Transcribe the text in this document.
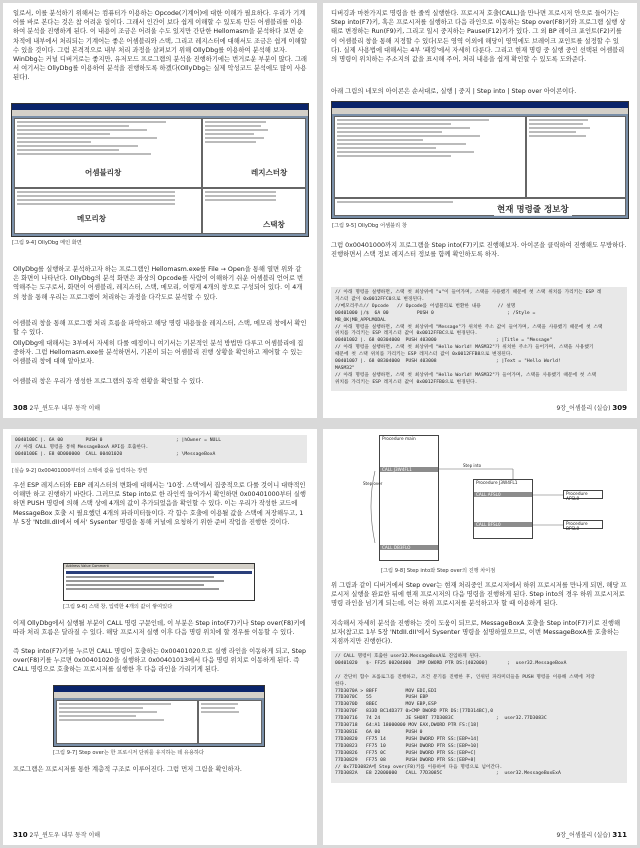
일로서, 이를 분석하기 위해서는 컴퓨터가 이용하는 Opcode(기계어)에 대한 이해가 필요하다. 우리가 기계어를 바로 본다는 것은 참 어려운 일이다. 그래서 인간이 보다 쉽게 이해할 수 있도록 만든 어셈블리를 이용하여 분석을 진행하게 된다. 이 내용이 조금은 어려울 수도 있지만 간단한 Hellomasm을 분석하다 보면 순차적에 내부에서 처리되는 기계어는 좋은 어셈블리와 스택, 그리고 레지스터에 대해서도 조금은 쉽게 이해할 수 있을 것이다. 그럼 본격적으로 내부 처리 과정을 살펴보기 위해 OllyDbg를 이용하여 분석해 보자. WinDbg는 커널 디버거로는 좋지만, 유저모드 프로그램의 분석을 진행하기에는 번거로운 부분이 많다. 그래서 여기서는 OllyDbg를 이용하여 분석을 진행하도록 하겠다(OllyDbg는 실제 악성코드 분석에도 많이 사용된다).

어셈블리창	레지스터창
메모리창
스택창
[그림 9-4] OllyDbg 메인 화면

OllyDbg를 실행하고 분석하고자 하는 프로그램인 Hellomasm.exe를 File → Open을 통해 열면 위와 같은 화면이 나타난다. OllyDbg의 분석 화면은 좌상의 Opcode를 사람이 이해하기 쉬운 어셈블리 언어로 번역해주는 도구로서, 화면이 어셈블리, 레지스터, 스택, 메모리, 이렇게 4개의 창으로 구성되어 있다. 이 4개의 창을 통해 우리는 프로그램이 처리하는 과정을 다각도로 분석할 수 있다.

어셈블리 창을 통해 프로그램 처리 흐름을 파악하고 해당 명령 내용들을 레지스터, 스택, 메모리 창에서 확인할 수 있다.

OllyDbg에 대해서는 3부에서 자세히 다룰 예정이니 여기서는 기본적인 분석 방법만 다루고 어셈블리에 집중하자. 그럼 Hellomasm.exe를 분석하면서, 기본이 되는 어셈블리 진행 상황을 확인하고 제어할 수 있는 어셈블리 창에 대해 알아보자.

어셈블리 창은 우리가 생성한 프로그램의 동작 현황을 확인할 수 있다.

308 2부_윈도우 내부 동작 이해

디버깅과 마찬가지로 명령을 한 줄씩 실행한다. 프로시저 호출(CALL)을 만나면 프로시저 안으로 들어가는 Step into(F7)키, 혹은 프로시저를 실행하고 다음 라인으로 이동하는 Step over(F8)키와 프로그램 실행 상태로 변경하는 Run(F9)키, 그리고 일시 중지하는 Pause(F12)키가 있다. 그 외 BP 레이크 포인트(F2)키를 이 어셈블리 창을 통해 지정할 수 있다(모든 영역 이외에 해당이 영역에도 브레이크 포인트를 설정할 수 있다). 실제 사용법에 대해서는 4부 '패킹'에서 자세히 다룬다. 그리고 현재 명령 중 실행 중인 선택된 어셈블리의 명령이 위치하는 주소지의 값을 표시해 주어, 처리 내용을 쉽게 확인할 수 있도록 도와준다.

아래 그림의 네모의 아이콘은 순서대로, 실행 | 중지 | Step into | Step over 아이콘이다.

현재 명령줄 정보창
[그림 9-5] OllyDbg 어셈블리 창

그럼 0x00401000까지 프로그램을 Step into(F7)키로 진행해보자. 아이콘을 클릭하여 진행해도 무방하다. 진행하면서 스택 정보 레지스터 정보를 함께 확인하도록 하자.

// 아래 명령을 실행하면, 스택 첫 최상위에 "u"이 들어가며, 스택을 사용했기 때문에 첫 스택 위치를 가리키는 ESP 레
지스터 값이 0x0012FFC0으로 변경된다.
//메모리주소// Opcode   // Opcode를 어셈블리로 번환한 내용      // 설명
00401000 |/$  6A 00          PUSH 0                          ; /Style =
MB_OK|MB_APPLMODAL
// 아래 명령을 실행하면, 스택 첫 최상위에 "Message"가 위치한 주소 값이 들어가며, 스택을 사용했기 때문에 첫 스택
위치를 가리키는 ESP 레지스터 값이 0x0012FFBC으로 변경된다.
00401002 |. 68 00304000  PUSH 403000                     ; |Title = "Message"
// 아래 명령을 실행하면, 스택 첫 최상위에 "Hello World! MASM32"가 위치한 주소가 들어가며, 스택을 사용했기
때문에 첫 스택 위치를 가리키는 ESP 레지스터 값이 0x0012FFB8으로 변경된다.
00401007 |. 68 08304000  PUSH 403008                     ; |Text = "Hello World!
MASM32"
// 아래 명령을 실행하면, 스택 첫 최상위에 "Hello World! MASM32"가 들어가며, 스택을 사용했기 때문에 첫 스택
위치를 가리키는 ESP 레지스터 값이 0x0012FFB0으로 변경된다.
9장_어셈블리 (실습) 309
0040100C |. 6A 00        PUSH 0                          ; |hOwner = NULL
// 아래 CALL 명령을 통해 MessageBoxA API를 호출한다.
0040100E |. E8 0D000000  CALL 00401020                   ; \MessageBoxA
[실습 9-2] 0x00401000부터의 스택에 값을 입력하는 장면

우선 ESP 레지스터와 EBP 레지스터의 변화에 대해서는 '10장. 스택'에서 집중적으로 다룰 것이니 대략적인 이해만 하고 진행하기 바란다. 그러므로 Step into로 한 라인씩 들어가서 확인하면 0x00401000부터 실행하면 PUSH 명령에 의해 스택 상에 4개의 값이 추가되었음을 확인할 수 있다. 이는 우리가 작성한 코드에 MessageBox 호출 시 필요했던 4개의 파라미터들이다. 각 함수 호출에 이용될 값을 스택에 저장해두고, 1부 5장 'NtdII.dII에서 에서' Sysenter 명령을 통해 커널에 요청하기 위한 준비 작업을 진행한 것이다.

Address Value Comment
[그림 9-6] 스택 창, 입력한 4개의 값이 쌓여있다

이제 OllyDbg에서 실행될 부분이 CALL 명령 구문인데, 이 부분은 Step into(F7)키나 Step over(F8)키에 따라 처리 흐름은 달라질 수 있다. 해당 프로시저 실행 이후 다음 명령 위치에 할 경우를 이동할 수 있다.

즉 Step into(F7)키를 누르면 CALL 명령어 호출하는 0x00401020으로 실행 라인을 이동하게 되고, Step over(F8)키를 누르면 0x00401020을 실행하고 0x00401013에서 다음 명령 위치로 이동하게 된다. 즉 CALL 명령으로 호출하는 프로시저를 실행한 후 다음 라인을 가리키게 된다.

[그림 9-7] Step over는 한 프로시저 단위를 유지하는 데 유용하다

프로그램은 프로시저를 통한 계층적 구조로 이루어진다. 그럼 먼저 그림을 확인하자.

310 2부_윈도우 내부 동작 이해
Procedure main
CALL J3W4FL1
CALL DB3FLO
Step over
Step into
Procedure J3W4FL1
CALL AFSL0
CALL BFSL0
Procedure AFSL0
Procedure BFSL0
[그림 9-8] Step into와 Step over의 진행 차이점

위 그림과 같이 디버거에서 Step over는 현재 처리중인 프로시저에서 하위 프로시저를 만나게 되면, 해당 프로시저 실행을 완료한 뒤에 현재 프로시저의 다음 명령을 진행하게 된다. Step into의 경우 하위 프로시저로 명령 라인을 넘기게 되는데, 이는 하위 프로시저를 분석하고자 할 때 이용하게 된다.

지속해서 자세히 분석을 진행하는 것이 도움이 되므로, MessageBoxA 호출을 Step into(F7)키로 진행해 보자(참고로 1부 5장 'NtdII.dII'에서 Sysenter 명령을 설명하였으므로, 이번 MessageBoxA를 호출하는 지점까지만 진행한다).

// CALL 명령이 호출한 user32.MessageBoxA로 진입하게 된다.
00401020   $- FF25 00204000  JMP DWORD PTR DS:[402000]       ;  user32.MessageBoxA

// 간단히 함수 프롤로그를 진행하고, 조건 분기를 진행한 후, 인위된 파라미터들을 PUSH 명령을 이용해 스택에 저장
한다.
77D3070A > 8BFF          MOV EDI,EDI
77D3070C   55            PUSH EBP
77D3070D   8BEC          MOV EBP,ESP
77D3070F   833D BC14D377 0>CMP DWORD PTR DS:[77D314BC],0
77D30716   74 24         JE SHORT 77D3083C               ;  user32.77D3083C
77D30718   64:A1 18000000 MOV EAX,DWORD PTR FS:[18]
77D3081E   6A 00         PUSH 0
77D30820   FF75 14       PUSH DWORD PTR SS:[EBP+14]
77D30823   FF75 10       PUSH DWORD PTR SS:[EBP+10]
77D30826   FF75 0C       PUSH DWORD PTR SS:[EBP+C]
77D30829   FF75 08       PUSH DWORD PTR SS:[EBP+8]
// 0x77D3082A에 Step over(F8)키를 이용하여 다음 명령으로 넘어간다.
77D3082A   E8 22000000   CALL 77D3085C                   ;  user32.MessageBoxExA
9장_어셈블리 (실습) 311
